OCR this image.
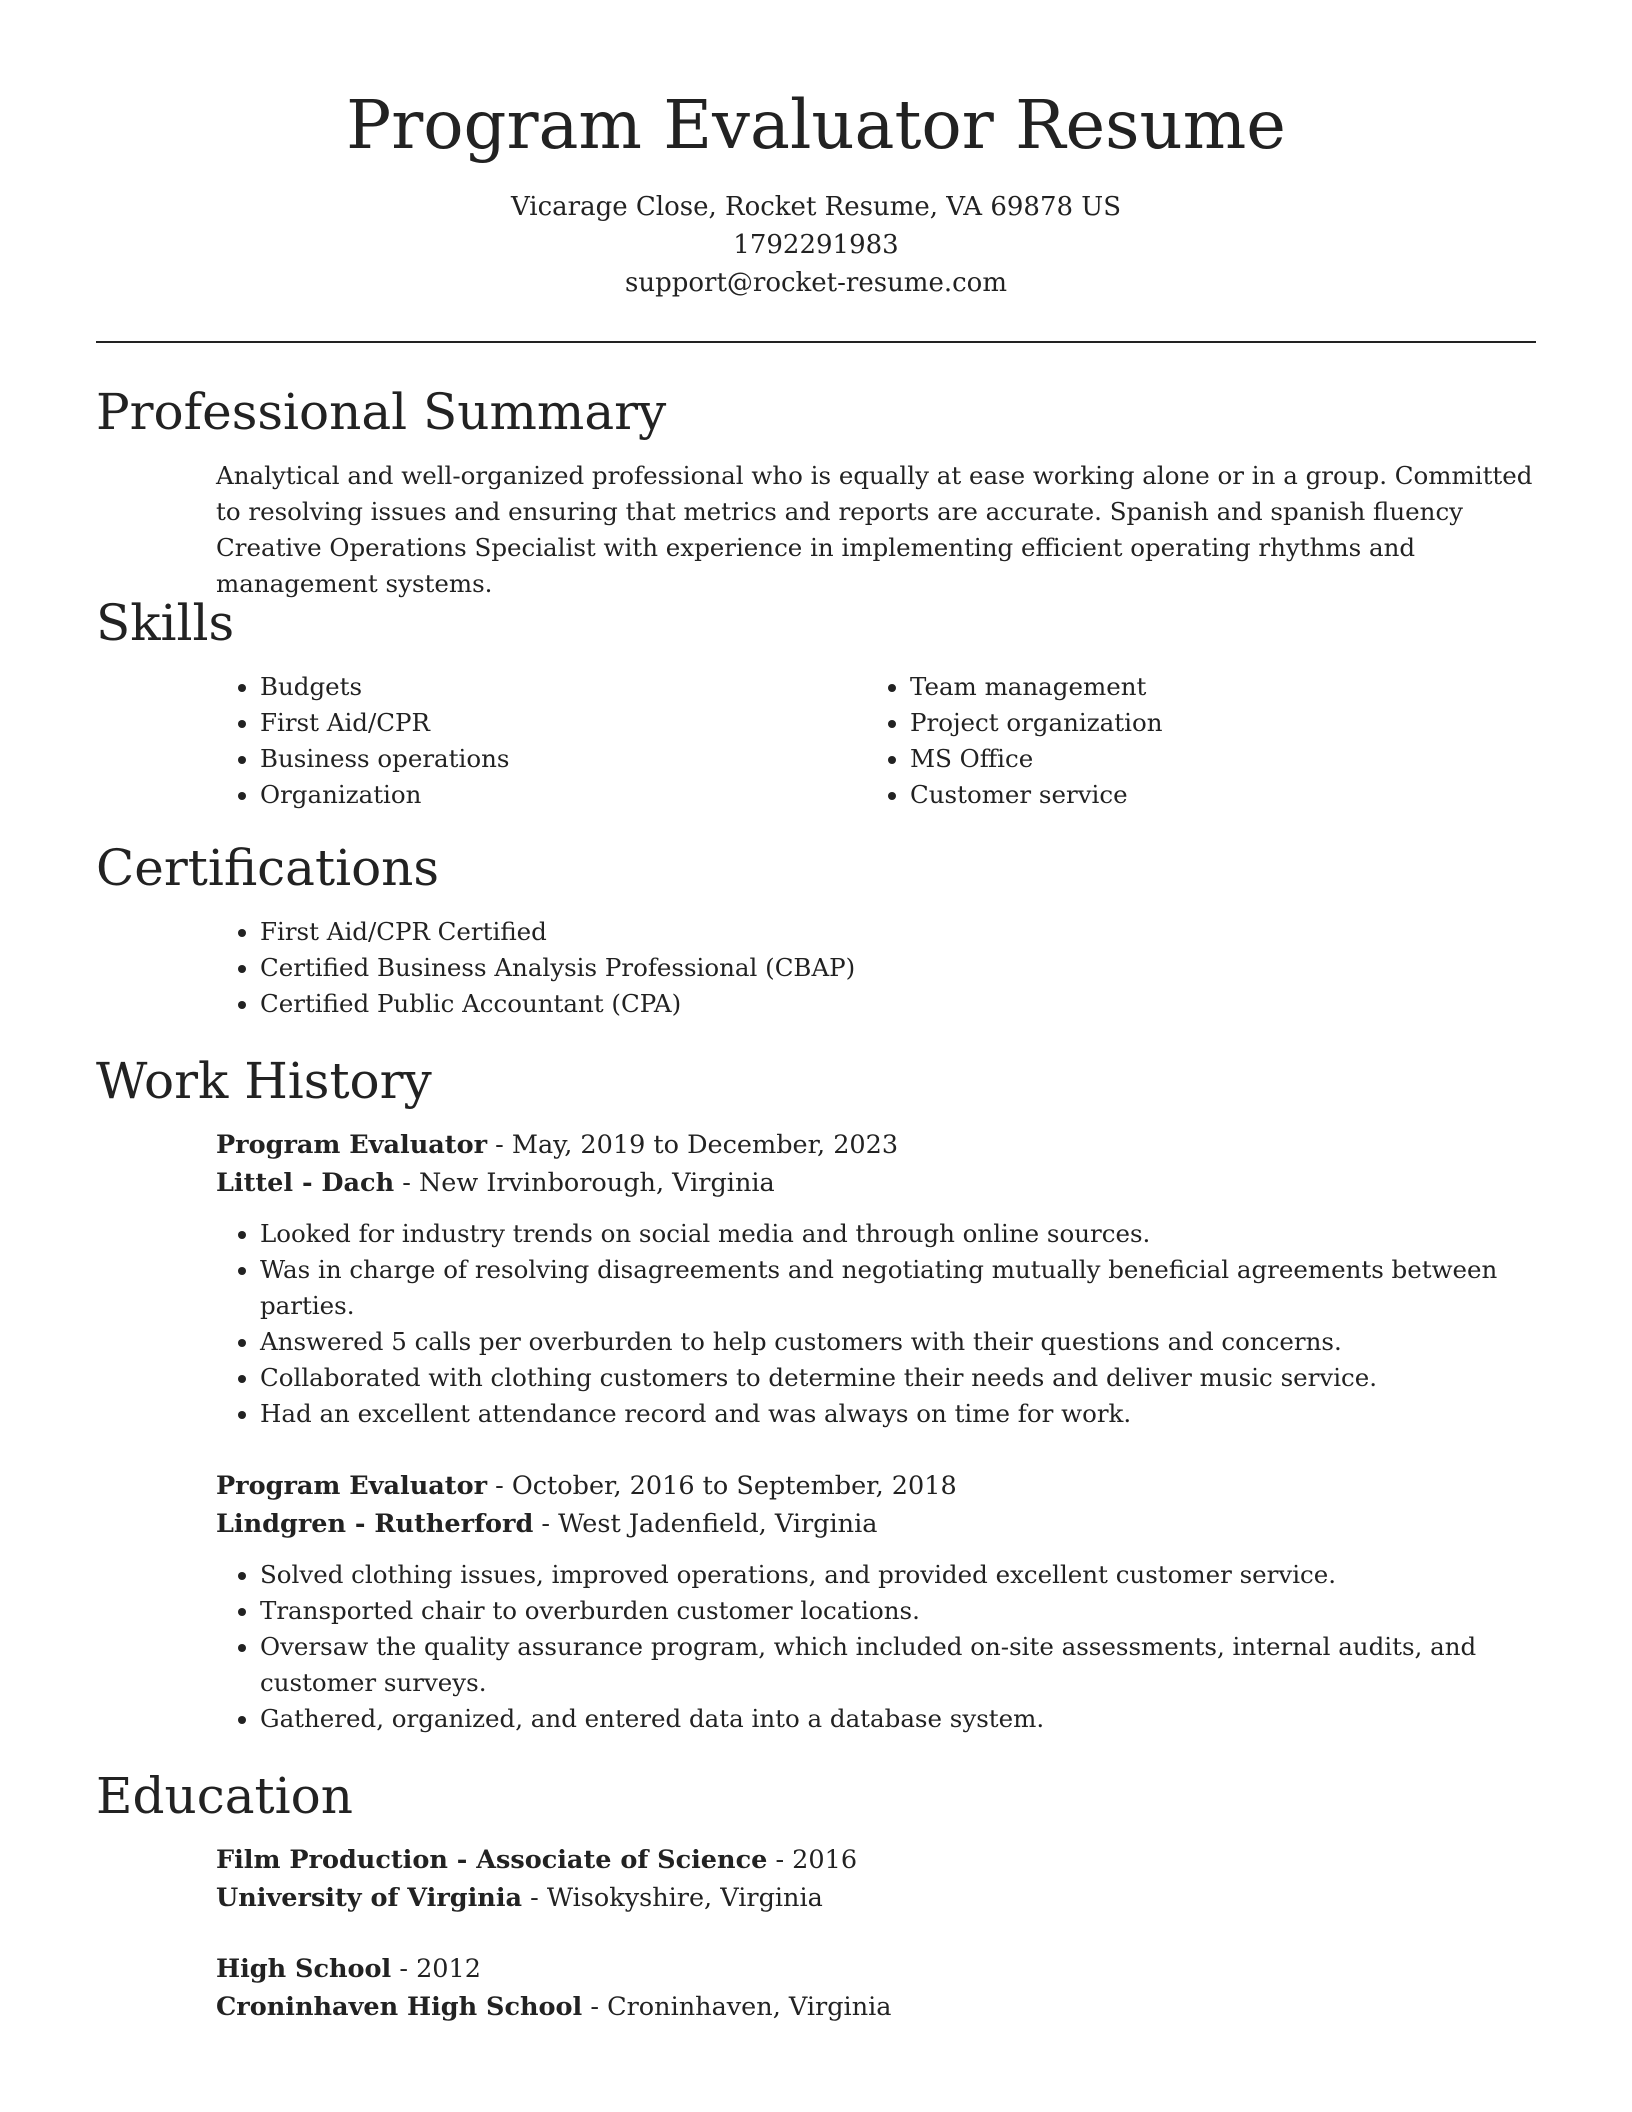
Program Evaluator Resume
Vicarage Close, Rocket Resume, VA 69878 US
1792291983
support@rocket-resume.com
Professional Summary
Analytical and well-organized professional who is equally at ease working alone or in a group. Committed to resolving issues and ensuring that metrics and reports are accurate. Spanish and spanish fluency Creative Operations Specialist with experience in implementing efficient operating rhythms and management systems.
Skills
• Budgets
• First Aid/CPR
• Business operations
• Organization
• Team management
• Project organization
• MS Office
• Customer service
Certifications
• First Aid/CPR Certified
• Certified Business Analysis Professional (CBAP)
• Certified Public Accountant (CPA)
Work History
Program Evaluator - May, 2019 to December, 2023
Littel - Dach - New Irvinborough, Virginia
• Looked for industry trends on social media and through online sources.
• Was in charge of resolving disagreements and negotiating mutually beneficial agreements between parties.
• Answered 5 calls per overburden to help customers with their questions and concerns.
• Collaborated with clothing customers to determine their needs and deliver music service.
• Had an excellent attendance record and was always on time for work.
Program Evaluator - October, 2016 to September, 2018
Lindgren - Rutherford - West Jadenfield, Virginia
• Solved clothing issues, improved operations, and provided excellent customer service.
• Transported chair to overburden customer locations.
• Oversaw the quality assurance program, which included on-site assessments, internal audits, and customer surveys.
• Gathered, organized, and entered data into a database system.
Education
Film Production - Associate of Science - 2016
University of Virginia - Wisokyshire, Virginia
High School - 2012
Croninhaven High School - Croninhaven, Virginia
